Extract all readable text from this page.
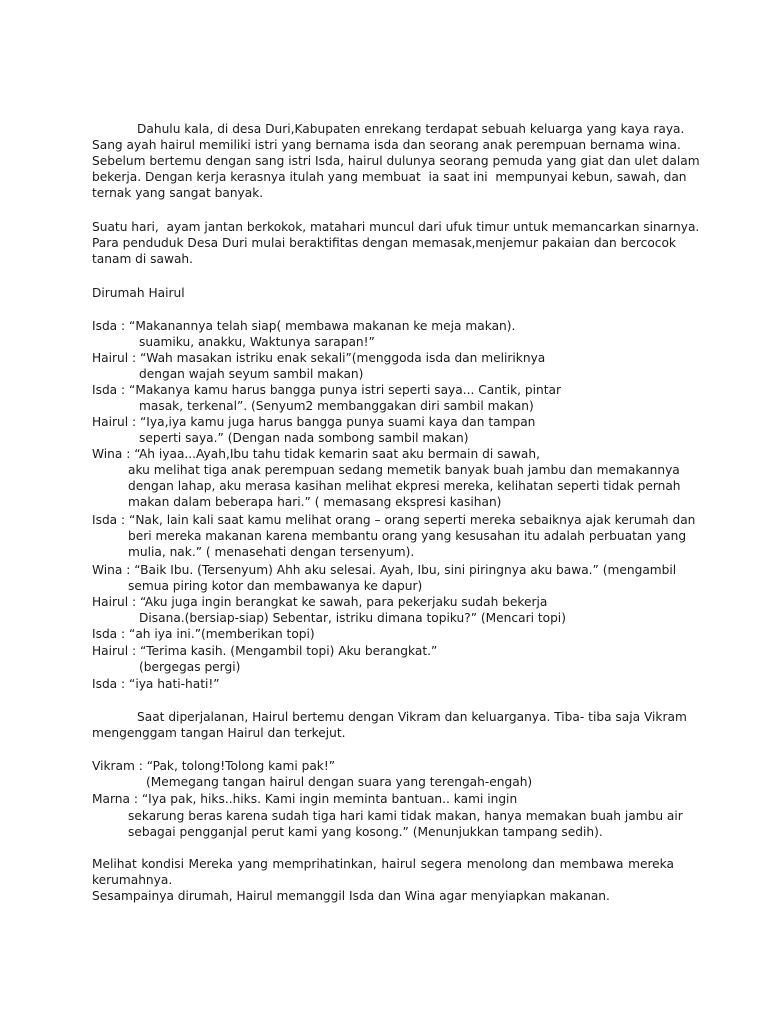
Dahulu kala, di desa Duri,Kabupaten enrekang terdapat sebuah keluarga yang kaya raya.
Sang ayah hairul memiliki istri yang bernama isda dan seorang anak perempuan bernama wina.
Sebelum bertemu dengan sang istri Isda, hairul dulunya seorang pemuda yang giat dan ulet dalam
bekerja. Dengan kerja kerasnya itulah yang membuat  ia saat ini  mempunyai kebun, sawah, dan
ternak yang sangat banyak.
Suatu hari,  ayam jantan berkokok, matahari muncul dari ufuk timur untuk memancarkan sinarnya.
Para penduduk Desa Duri mulai beraktifitas dengan memasak,menjemur pakaian dan bercocok
tanam di sawah.
Dirumah Hairul
Isda : “Makanannya telah siap( membawa makanan ke meja makan).
suamiku, anakku, Waktunya sarapan!”
Hairul : “Wah masakan istriku enak sekali”(menggoda isda dan meliriknya
dengan wajah seyum sambil makan)
Isda : “Makanya kamu harus bangga punya istri seperti saya... Cantik, pintar
masak, terkenal”. (Senyum2 membanggakan diri sambil makan)
Hairul : “Iya,iya kamu juga harus bangga punya suami kaya dan tampan
seperti saya.” (Dengan nada sombong sambil makan)
Wina : “Ah iyaa...Ayah,Ibu tahu tidak kemarin saat aku bermain di sawah,
aku melihat tiga anak perempuan sedang memetik banyak buah jambu dan memakannya
dengan lahap, aku merasa kasihan melihat ekpresi mereka, kelihatan seperti tidak pernah
makan dalam beberapa hari.” ( memasang ekspresi kasihan)
Isda : “Nak, lain kali saat kamu melihat orang – orang seperti mereka sebaiknya ajak kerumah dan
beri mereka makanan karena membantu orang yang kesusahan itu adalah perbuatan yang
mulia, nak.” ( menasehati dengan tersenyum).
Wina : “Baik Ibu. (Tersenyum) Ahh aku selesai. Ayah, Ibu, sini piringnya aku bawa.” (mengambil
semua piring kotor dan membawanya ke dapur)
Hairul : “Aku juga ingin berangkat ke sawah, para pekerjaku sudah bekerja
Disana.(bersiap-siap) Sebentar, istriku dimana topiku?” (Mencari topi)
Isda : “ah iya ini.”(memberikan topi)
Hairul : “Terima kasih. (Mengambil topi) Aku berangkat.”
(bergegas pergi)
Isda : “iya hati-hati!”
Saat diperjalanan, Hairul bertemu dengan Vikram dan keluarganya. Tiba- tiba saja Vikram
mengenggam tangan Hairul dan terkejut.
Vikram : “Pak, tolong!Tolong kami pak!”
(Memegang tangan hairul dengan suara yang terengah-engah)
Marna : “Iya pak, hiks..hiks. Kami ingin meminta bantuan.. kami ingin
sekarung beras karena sudah tiga hari kami tidak makan, hanya memakan buah jambu air
sebagai pengganjal perut kami yang kosong.” (Menunjukkan tampang sedih).
Melihat kondisi Mereka yang memprihatinkan, hairul segera menolong dan membawa mereka
kerumahnya.
Sesampainya dirumah, Hairul memanggil Isda dan Wina agar menyiapkan makanan.
